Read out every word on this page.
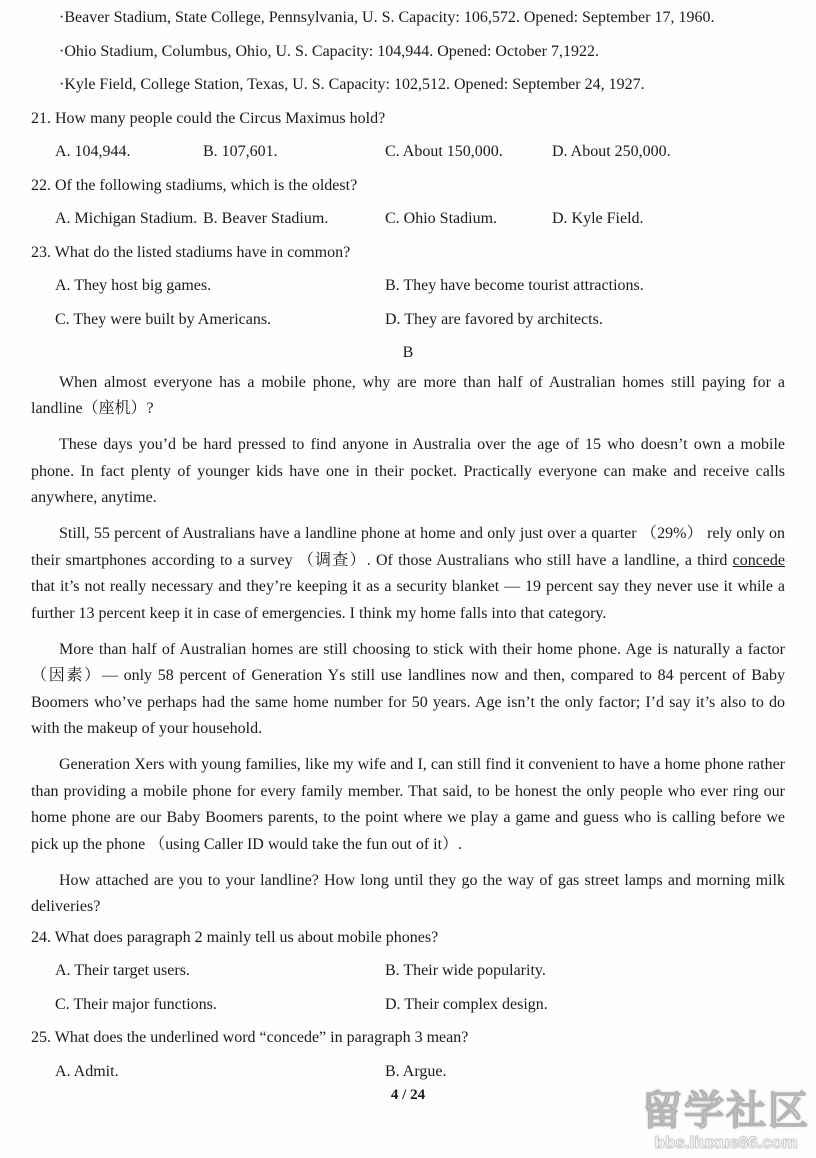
·Beaver Stadium, State College, Pennsylvania, U. S. Capacity: 106,572. Opened: September 17, 1960.
·Ohio Stadium, Columbus, Ohio, U. S. Capacity: 104,944. Opened: October 7,1922.
·Kyle Field, College Station, Texas, U. S. Capacity: 102,512. Opened: September 24, 1927.
21. How many people could the Circus Maximus hold?
A. 104,944.	B. 107,601.	C. About 150,000.	D. About 250,000.
22. Of the following stadiums, which is the oldest?
A. Michigan Stadium. B. Beaver Stadium.	C. Ohio Stadium.	D. Kyle Field.
23. What do the listed stadiums have in common?
A. They host big games.	B. They have become tourist attractions.
C. They were built by Americans.	D. They are favored by architects.
B

When almost everyone has a mobile phone, why are more than half of Australian homes still paying for a landline（座机）?

These days you’d be hard pressed to find anyone in Australia over the age of 15 who doesn’t own a mobile phone. In fact plenty of younger kids have one in their pocket. Practically everyone can make and receive calls anywhere, anytime.

Still, 55 percent of Australians have a landline phone at home and only just over a quarter （29%） rely only on their smartphones according to a survey （调查）. Of those Australians who still have a landline, a third concede that it’s not really necessary and they’re keeping it as a security blanket — 19 percent say they never use it while a further 13 percent keep it in case of emergencies. I think my home falls into that category.

More than half of Australian homes are still choosing to stick with their home phone. Age is naturally a factor（因素）— only 58 percent of Generation Ys still use landlines now and then, compared to 84 percent of Baby Boomers who’ve perhaps had the same home number for 50 years. Age isn’t the only factor; I’d say it’s also to do with the makeup of your household.

Generation Xers with young families, like my wife and I, can still find it convenient to have a home phone rather than providing a mobile phone for every family member. That said, to be honest the only people who ever ring our home phone are our Baby Boomers parents, to the point where we play a game and guess who is calling before we pick up the phone （using Caller ID would take the fun out of it）.

How attached are you to your landline? How long until they go the way of gas street lamps and morning milk deliveries?

24. What does paragraph 2 mainly tell us about mobile phones?
A. Their target users.	B. Their wide popularity.
C. Their major functions.	D. Their complex design.
25. What does the underlined word “concede” in paragraph 3 mean?
A. Admit.	B. Argue.
4 / 24	留学社区
bbs.liuxue86.com
